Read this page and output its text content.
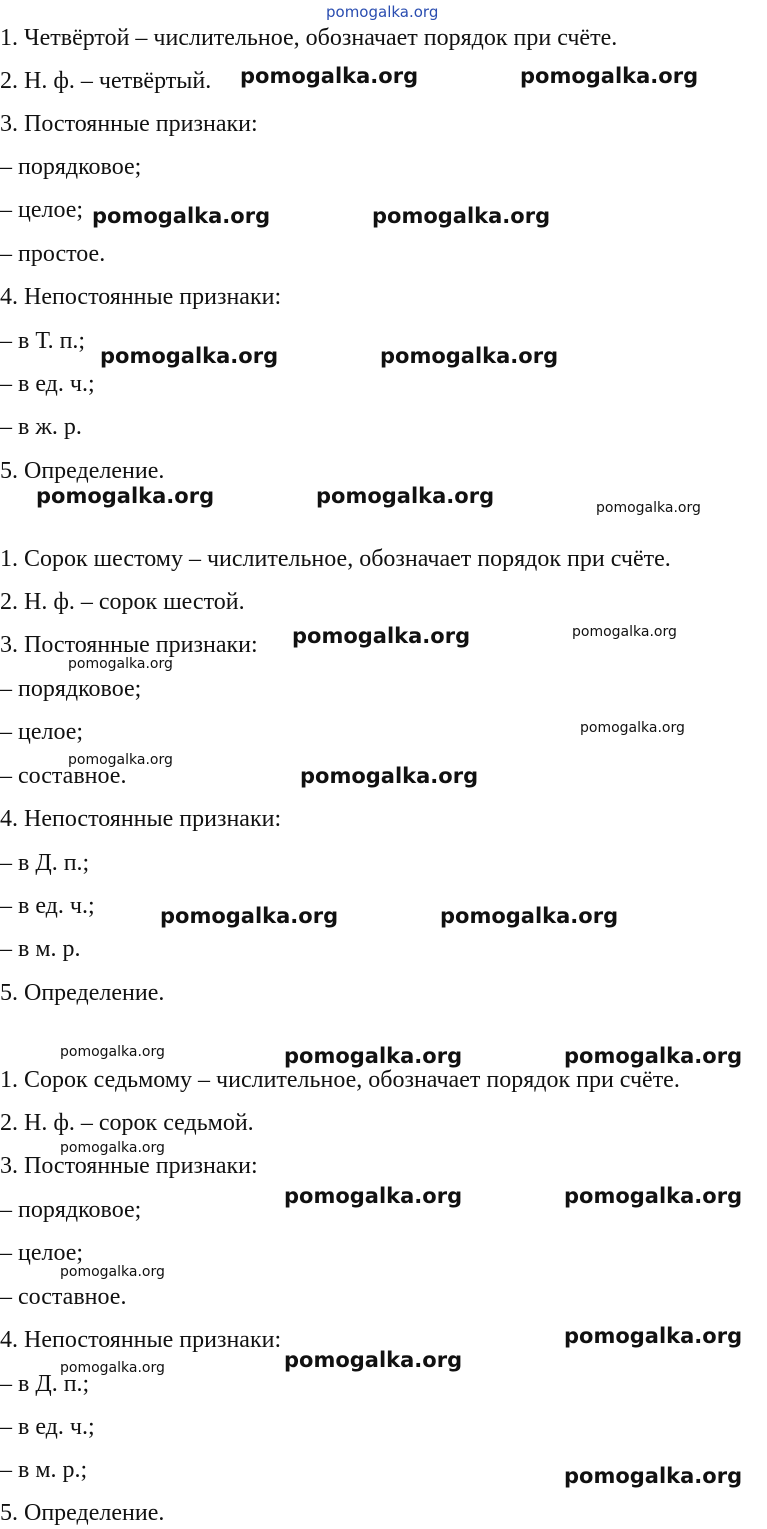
1. Четвёртой – числительное, обозначает порядок при счёте.
2. Н. ф. – четвёртый.
3. Постоянные признаки:
– порядковое;
– целое;
– простое.
4. Непостоянные признаки:
– в Т. п.;
– в ед. ч.;
– в ж. р.
5. Определение.
1. Сорок шестому – числительное, обозначает порядок при счёте.
2. Н. ф. – сорок шестой.
3. Постоянные признаки:
– порядковое;
– целое;
– составное.
4. Непостоянные признаки:
– в Д. п.;
– в ед. ч.;
– в м. р.
5. Определение.
1. Сорок седьмому – числительное, обозначает порядок при счёте.
2. Н. ф. – сорок седьмой.
3. Постоянные признаки:
– порядковое;
– целое;
– составное.
4. Непостоянные признаки:
– в Д. п.;
– в ед. ч.;
– в м. р.;
5. Определение.
pomogalka.org
pomogalka.org	pomogalka.org
pomogalka.org	pomogalka.org
pomogalka.org	pomogalka.org
pomogalka.org	pomogalka.org	pomogalka.org
pomogalka.org	pomogalka.org
pomogalka.org
pomogalka.org
pomogalka.org
pomogalka.org
pomogalka.org	pomogalka.org
pomogalka.org	pomogalka.org	pomogalka.org
pomogalka.org
pomogalka.org	pomogalka.org
pomogalka.org
pomogalka.org
pomogalka.org
pomogalka.org
pomogalka.org
